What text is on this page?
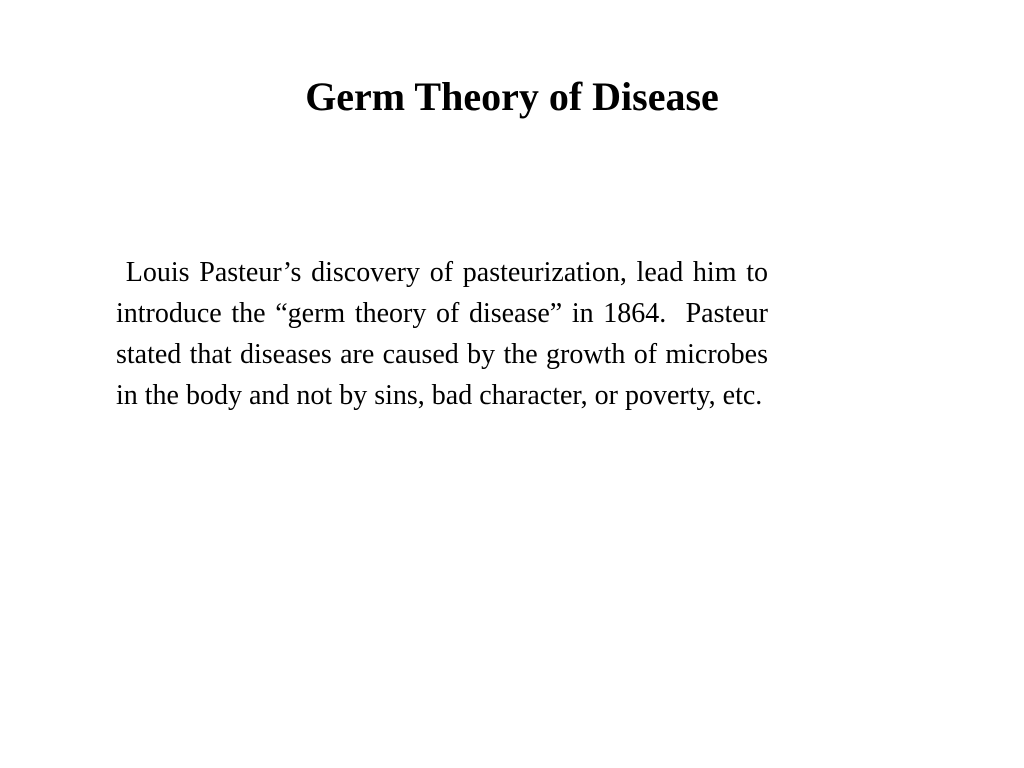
Germ Theory of Disease

Louis Pasteur’s discovery of pasteurization, lead him to introduce the “germ theory of disease” in 1864.  Pasteur stated that diseases are caused by the growth of microbes in the body and not by sins, bad character, or poverty, etc.
